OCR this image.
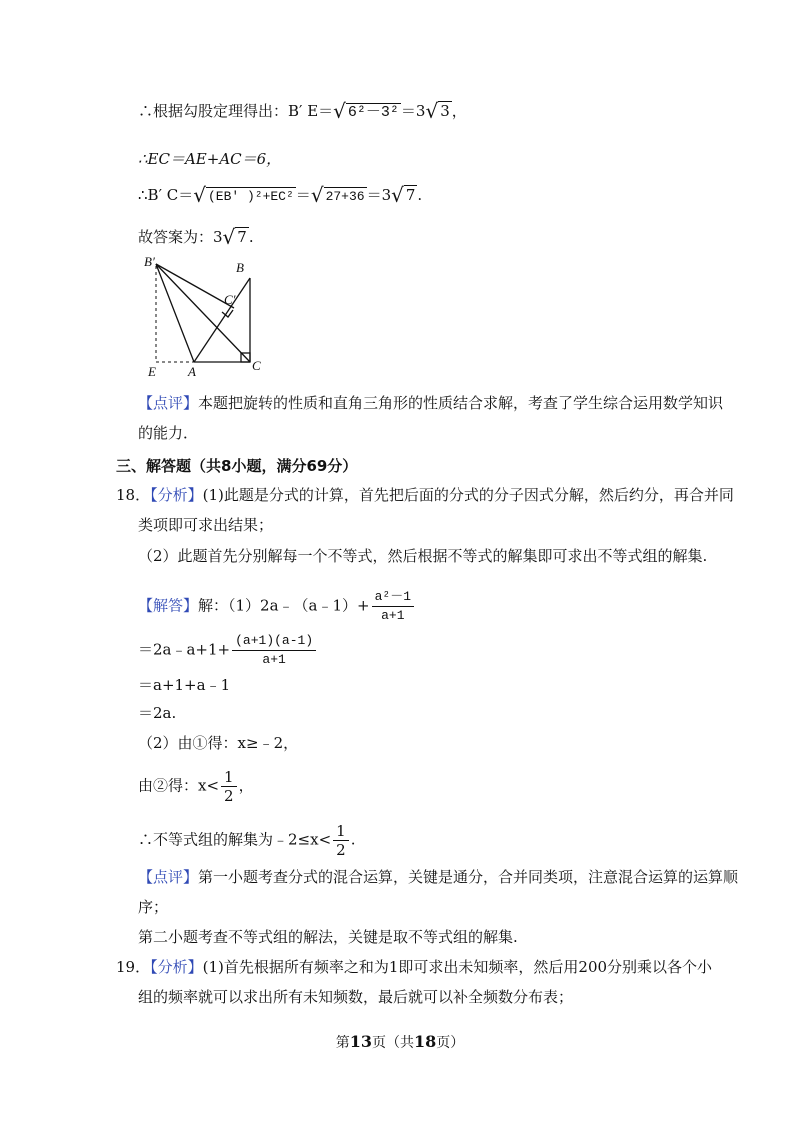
∴根据勾股定理得出：B′ E＝√ 6²－3² ＝3√ 3 ，
∴EC＝AE+AC＝6，
∴B′ C＝√ (EB′ )²+EC² ＝√ 27+36 ＝3√ 7 .
故答案为：3√ 7 .
B′	B
C′
E A	C
【点评】本题把旋转的性质和直角三角形的性质结合求解，考查了学生综合运用数学知识
的能力．
三、解答题（共8小题，满分69分）
18．【分析】(1)此题是分式的计算，首先把后面的分式的分子因式分解，然后约分，再合并同
类项即可求出结果；
（2）此题首先分别解每一个不等式，然后根据不等式的解集即可求出不等式组的解集.
【解答】解：（1）2a﹣（a﹣1）+ $\frac{\text{a²－1}}{a+1}$
＝2a﹣a+1+ $\frac{(a+1)(a-1)}{a+1}$
＝a+1+a﹣1
＝2a.
（2）由①得：x≥﹣2，
由②得：$x< \frac{1}{2}$ ，
∴不等式组的解集为﹣2≤x< $\frac{1}{2}$ .
【点评】第一小题考查分式的混合运算，关键是通分，合并同类项，注意混合运算的运算顺
序；
第二小题考查不等式组的解法，关键是取不等式组的解集.
19．【分析】(1)首先根据所有频率之和为1即可求出未知频率，然后用200分别乘以各个小
组的频率就可以求出所有未知频数，最后就可以补全频数分布表；
第13页（共18页）
